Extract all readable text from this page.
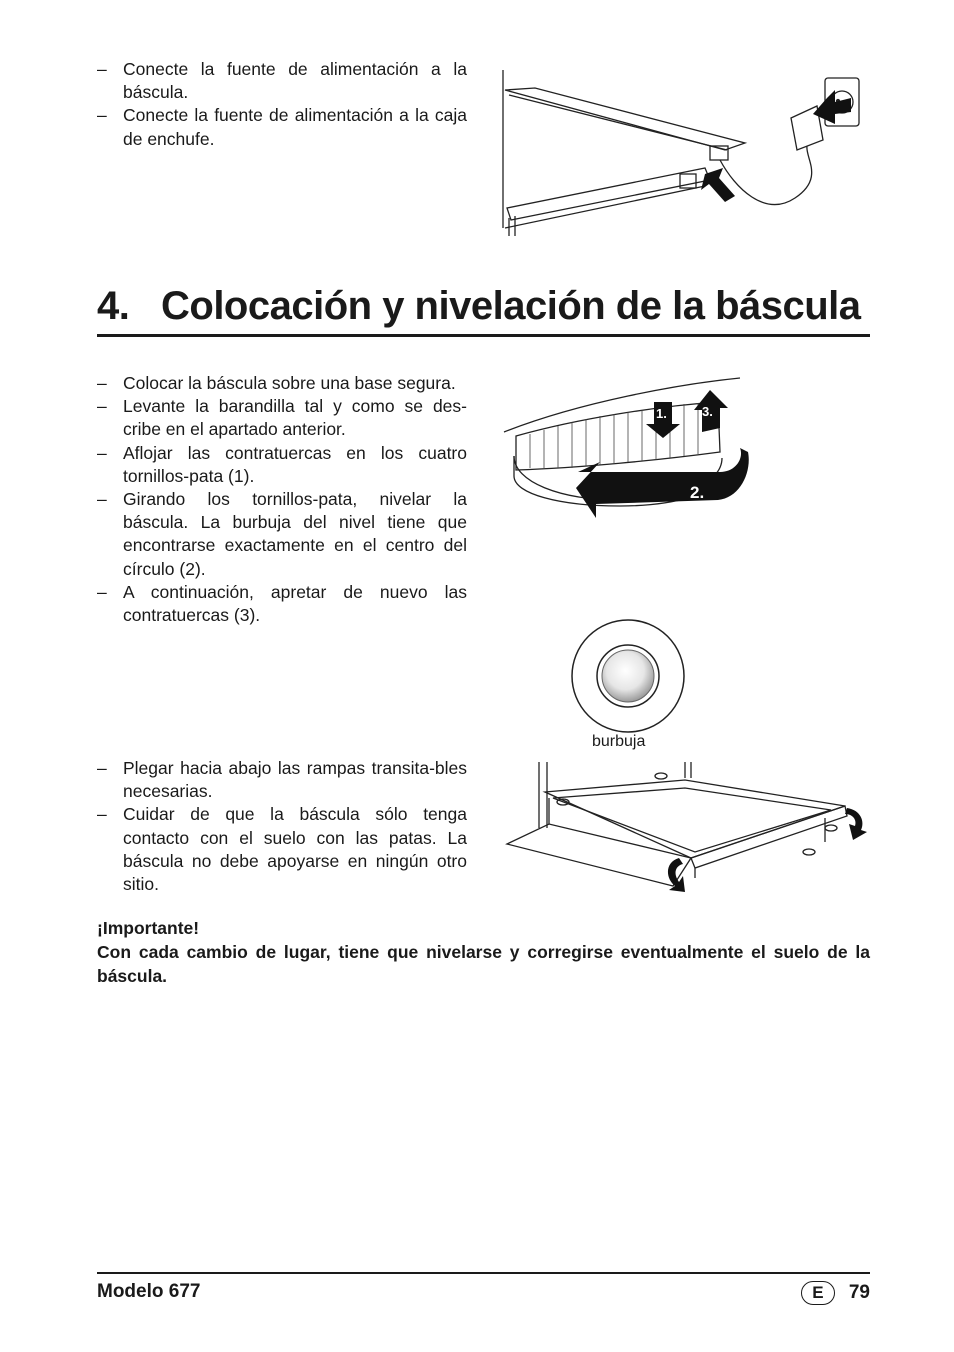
– Conecte la fuente de alimentación a la báscula.
– Conecte la fuente de alimentación a la caja de enchufe.
4. Colocación y nivelación de la báscula
– Colocar la báscula sobre una base segura.
– Levante la barandilla tal y como se des-cribe en el apartado anterior.
– Aflojar las contratuercas en los cuatro tornillos-pata (1).
– Girando los tornillos-pata, nivelar la báscula. La burbuja del nivel tiene que encontrarse exactamente en el centro del círculo (2).
– A continuación, apretar de nuevo las contratuercas (3).
1.	3.
2.
burbuja
– Plegar hacia abajo las rampas transita-bles necesarias.
– Cuidar de que la báscula sólo tenga contacto con el suelo con las patas. La báscula no debe apoyarse en ningún otro sitio.
¡Importante!
Con cada cambio de lugar, tiene que nivelarse y corregirse eventualmente el suelo de la báscula.
Modelo 677	E	79
